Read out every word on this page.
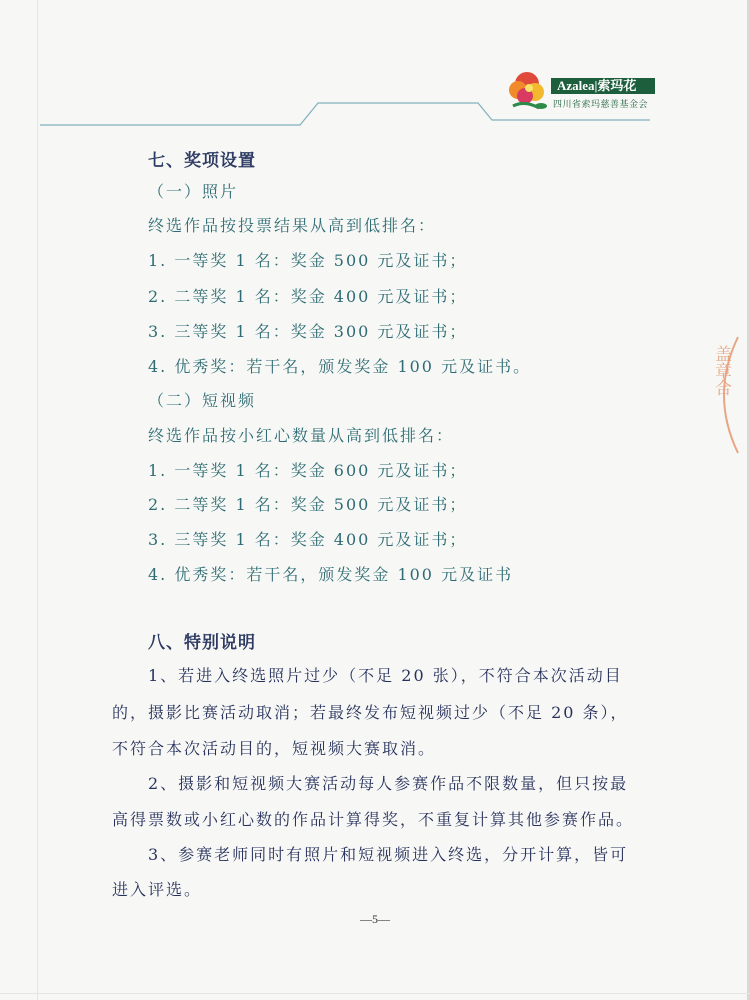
Azalea|索玛花
四川省索玛慈善基金会
七、奖项设置
（一）照片
终选作品按投票结果从高到低排名：
1. 一等奖 1 名：奖金 500 元及证书；
2. 二等奖 1 名：奖金 400 元及证书；
3. 三等奖 1 名：奖金 300 元及证书；
4. 优秀奖：若干名，颁发奖金 100 元及证书。
（二）短视频
终选作品按小红心数量从高到低排名：
1. 一等奖 1 名：奖金 600 元及证书；
2. 二等奖 1 名：奖金 500 元及证书；
3. 三等奖 1 名：奖金 400 元及证书；
4. 优秀奖：若干名，颁发奖金 100 元及证书
八、特别说明
1、若进入终选照片过少（不足 20 张），不符合本次活动目
的，摄影比赛活动取消；若最终发布短视频过少（不足 20 条），
不符合本次活动目的，短视频大赛取消。
2、摄影和短视频大赛活动每人参赛作品不限数量，但只按最
高得票数或小红心数的作品计算得奖，不重复计算其他参赛作品。
3、参赛老师同时有照片和短视频进入终选，分开计算，皆可
进入评选。
盖章合
—5—
